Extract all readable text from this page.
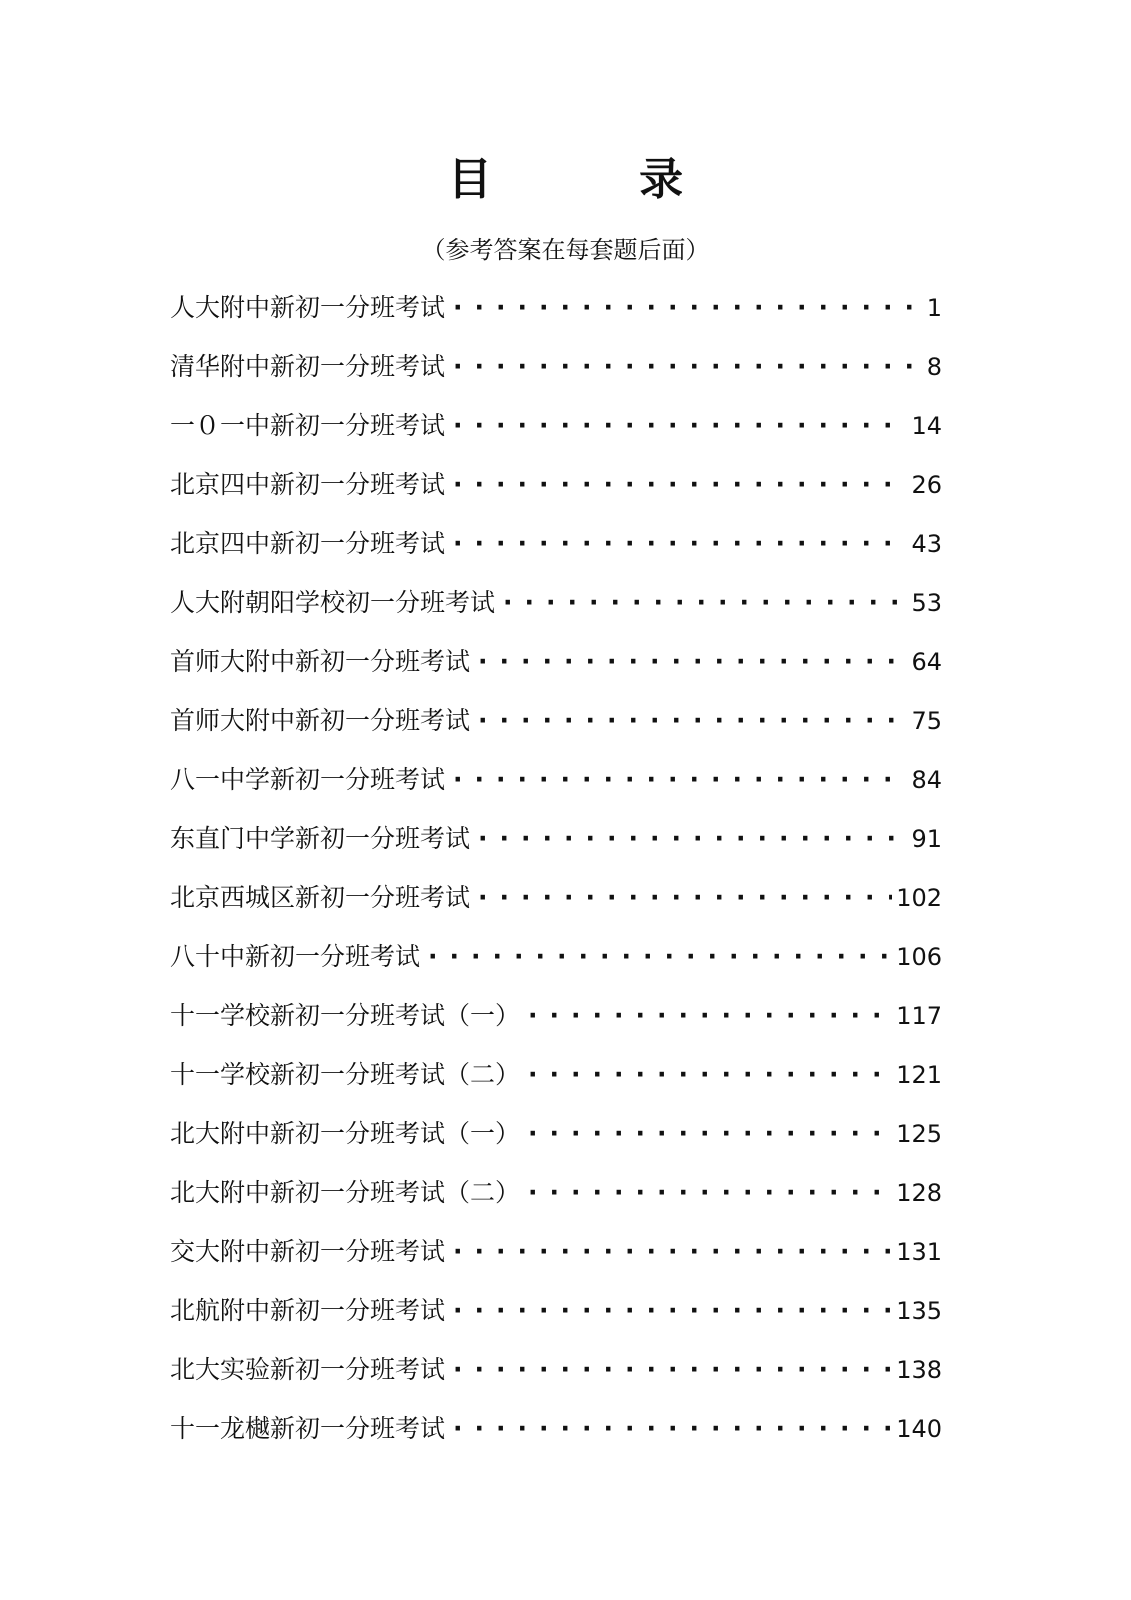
目 录
（参考答案在每套题后面）
人大附中新初一分班考试 ·····	1
清华附中新初一分班考试 ·····	8
一０一中新初一分班考试 ·····	14
北京四中新初一分班考试 ·····	26
北京四中新初一分班考试 ·····	43
人大附朝阳学校初一分班考试 ·····	53
首师大附中新初一分班考试 ·····	64
首师大附中新初一分班考试 ·····	75
八一中学新初一分班考试 ·····	84
东直门中学新初一分班考试 ·····	91
北京西城区新初一分班考试 ·····	102
八十中新初一分班考试 ·····	106
十一学校新初一分班考试（一） ·····	117
十一学校新初一分班考试（二） ·····	121
北大附中新初一分班考试（一） ·····	125
北大附中新初一分班考试（二） ·····	128
交大附中新初一分班考试 ·····	131
北航附中新初一分班考试 ·····	135
北大实验新初一分班考试 ·····	138
十一龙樾新初一分班考试 ·····	140
